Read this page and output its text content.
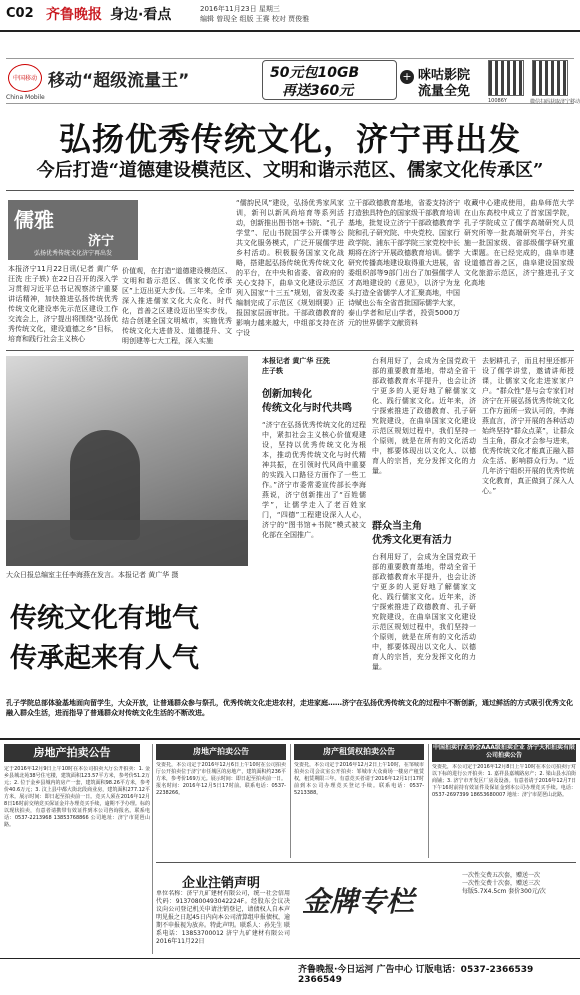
C02 齐鲁晚报 身边·看点	2016年11月23日 星期三
编辑 曾现全 组版 王赛 校对 贾俊雅
中国移动
China Mobile
移动“超级流量王”	50元包10GB
再送360元
+ 咪咕影院
流量全免
10086Y	微信扫码获取济宁移动
弘扬优秀传统文化，济宁再出发
今后打造“道德建设模范区、文明和谐示范区、儒家文化传承区”
儒雅
济宁
弘扬优秀传统文化济宁再出发
本报济宁11月22日讯(记者 黄广华 汪洗 庄子轶) 在22日召开的深入学习贯彻习近平总书记视察济宁重要讲话精神，加快推进弘扬传统优秀传统文化建设率先示范区建设工作交流会上，济宁提出将围绕“弘扬优秀传统文化，建设道德之乡”目标，培育和践行社会主义核心
价值观，在打造“道德建设模范区、文明和谐示范区、儒家文化传承区”上迈出更大步伐。三年来，全市深入推进儒家文化大众化、时代化，首善之区建设迈出坚实步伐，结合创建全国文明城市，实施优秀传统文化大进普及、道德提升、文明创建等七大工程，深入实施
“儒韵民风”建设，弘扬优秀家风家训，新刊以新风尚培育等系列活动，创新推出图书馆+书院、“孔子学堂”、尼山书院国学公开课等公共文化服务模式，广泛开展儒学进乡村活动。积极服务国家文化战略，搭建起弘扬传统优秀传统文化的平台，在中央和省委、省政府的关心支持下，曲阜文化建设示范区列入国家“十三五”规划，省发改委编制完成了示范区《规划纲要》正报国家层面审批。干部政德教育的影响力越来越大，中组部支持在济宁设
立干部政德教育基地，省委支持济宁打造独具特色的国家级干部教育培训基地，批复设立济宁干部政德教育学院和孔子研究院、中央党校、国家行政学院、浦东干部学院三家党校中长期将在济宁开展政德教育培训。儒学研究传播高地建设取得重大进展，省委组织部等9部门出台了加强儒学人才高地建设的《意见》，以济宁为龙头打造全省儒学人才汇聚高地，中国诗赋也公布全省首批国际儒学大家，泰山学者和尼山学者，投资5000万元的世界儒学文献资料
收藏中心建成使用，曲阜师范大学在山东高校中成立了首家国学院，孔子学院成立了儒学高端研究人员研究所等一批高端研究平台，并实施一批国家级、省部级儒学研究重大课题。在已经完成的，曲阜市建设道德首善之区，曲阜建设国家级文化旅游示范区，济宁推进孔子文化高地
大众日报总编室主任李海燕在发言。本报记者 黄广华 摄
传统文化有地气
传承起来有人气
本报记者 黄广华 汪洗
庄子轶
创新加转化
传统文化与时代共鸣
“济宁在弘扬优秀传统文化的过程中，紧扣社会主义核心价值观建设，坚持以优秀传统文化为根本，推动优秀传统文化与时代精神共振，在引领时代风尚中重要的实践入口路径方面作了一些工作。”济宁市委常委宣传部长李海燕说，济宁创新推出了“百姓儒学”，让儒学走入了老百姓家门，“四德”工程建设深入人心，济宁的“图书馆+书院”模式被文化部在全国推广。
台利用好了，会成为全国党政干部的重要教育基地，带动全省干部政德教育水平提升，也会让济宁更多的人更好地了解儒家文化、践行儒家文化。近年来，济宁探索推进了政德教育、孔子研究院建设，在曲阜国家文化建设示范区规划过程中，我们坚持一个原则，就是在所有的文化活动中，都要体现出以文化人、以德育人的宗旨，充分发挥文化的力量。
群众当主角
优秀文化更有活力
台利用好了，会成为全国党政干部的重要教育基地，带动全省干部政德教育水平提升，也会让济宁更多的人更好地了解儒家文化、践行儒家文化。近年来，济宁探索推进了政德教育、孔子研究院建设，在曲阜国家文化建设示范区规划过程中，我们坚持一个原则，就是在所有的文化活动中，都要体现出以文化人、以德育人的宗旨，充分发挥文化的力量。
去躬耕孔子，而且村里还都开设了儒学讲堂，邀请讲师授课，让儒家文化走进家家户户。“群众性”是与会专家们对济宁在开展弘扬优秀传统文化工作方面所一致认可的，李海燕直言，济宁开展的各种活动始终坚持“群众点菜”，让群众当主角，群众才会参与进来，优秀传统文化才能真正融入群众生活、影响群众行为。“近几年济宁组织开展的优秀传统文化教育，真正做到了深入人心。”
孔子学院总部体验基地面向留学生，大众开放，让普通群众参与祭孔，优秀传统文化走进农村，走进家庭……济宁在弘扬优秀传统文化的过程中不断创新，通过鲜活的方式吸引优秀文化融入群众生活，进而指导了普通群众对传统文化生活的不断改进。
房地产拍卖公告
定于2016年12月9日上午10时在本公司拍卖大厅公开拍卖：1. 金乡县城北苑38号住宅楼，建筑面积123.57平方米，参考价51.2万元；2. 位于金乡县城内的房产一套，建筑面积98.26平方米，参考价40.6万元；3. 汶上县中都大街北段商业房，建筑面积277.12平方米。展示时间：即日起至拍卖前一日。竞买人须在2016年12月8日16时前交纳竞买保证金并办理竞买手续，逾期不予办理。标的以现状拍卖，有意者请携带有效证件到本公司咨询报名。联系电话：0537-2213968 13853768866 公司地址：济宁市琵琶山路。
房地产拍卖公告
受委托，本公司定于2016年12月6日上午10时在公司拍卖厅公开拍卖位于济宁市任城区的房地产，建筑面积约236平方米，参考价169万元。展示时间：即日起至拍卖前一日。报名时间：2016年12月5日17时前。联系电话：0537-2238266。
房产租赁权拍卖公告
受委托，本公司定于2016年12月2日上午10时，在邹城市拍卖公司会议室公开拍卖：邹城市大众商场一楼房产租赁权，租赁期限三年。有意竞买者请于2016年12月1日17时前到本公司办理竞买登记手续。联系电话：0537-5213388。
中国拍卖行业协会AAA级拍卖企业 济宁天和拍卖有限公司拍卖公告
受委托，本公司定于2016年12月8日上午10时在本公司拍卖厅对以下标的进行公开拍卖：1. 嘉祥县嘉城路房产；2. 梁山县水泊街商铺；3. 济宁市开发区厂房及设备。有意者请于2016年12月7日下午16时前持有效证件及保证金到本公司办理竞买手续。电话：0537-2697399 18653680007 地址：济宁市琵琶山北路。
企业注销声明
单位名称：济宁九矿建材有限公司，统一社会信用代码：91370800493042224F。经股东会议决议向公司登记机关申请注销登记，请债权人自本声明见报之日起45日内向本公司清算组申报债权，逾期不申报视为放弃。特此声明。联系人：孙先生 联系电话：13853700012 济宁九矿建材有限公司 2016年11月22日
金牌专栏
一次性交费五次套，赠送一次
一次性交费十次套，赠送三次
每版5.7X4.5cm 套价300元/次
齐鲁晚报·今日运河 广告中心 订版电话：0537-2366539 2366549
